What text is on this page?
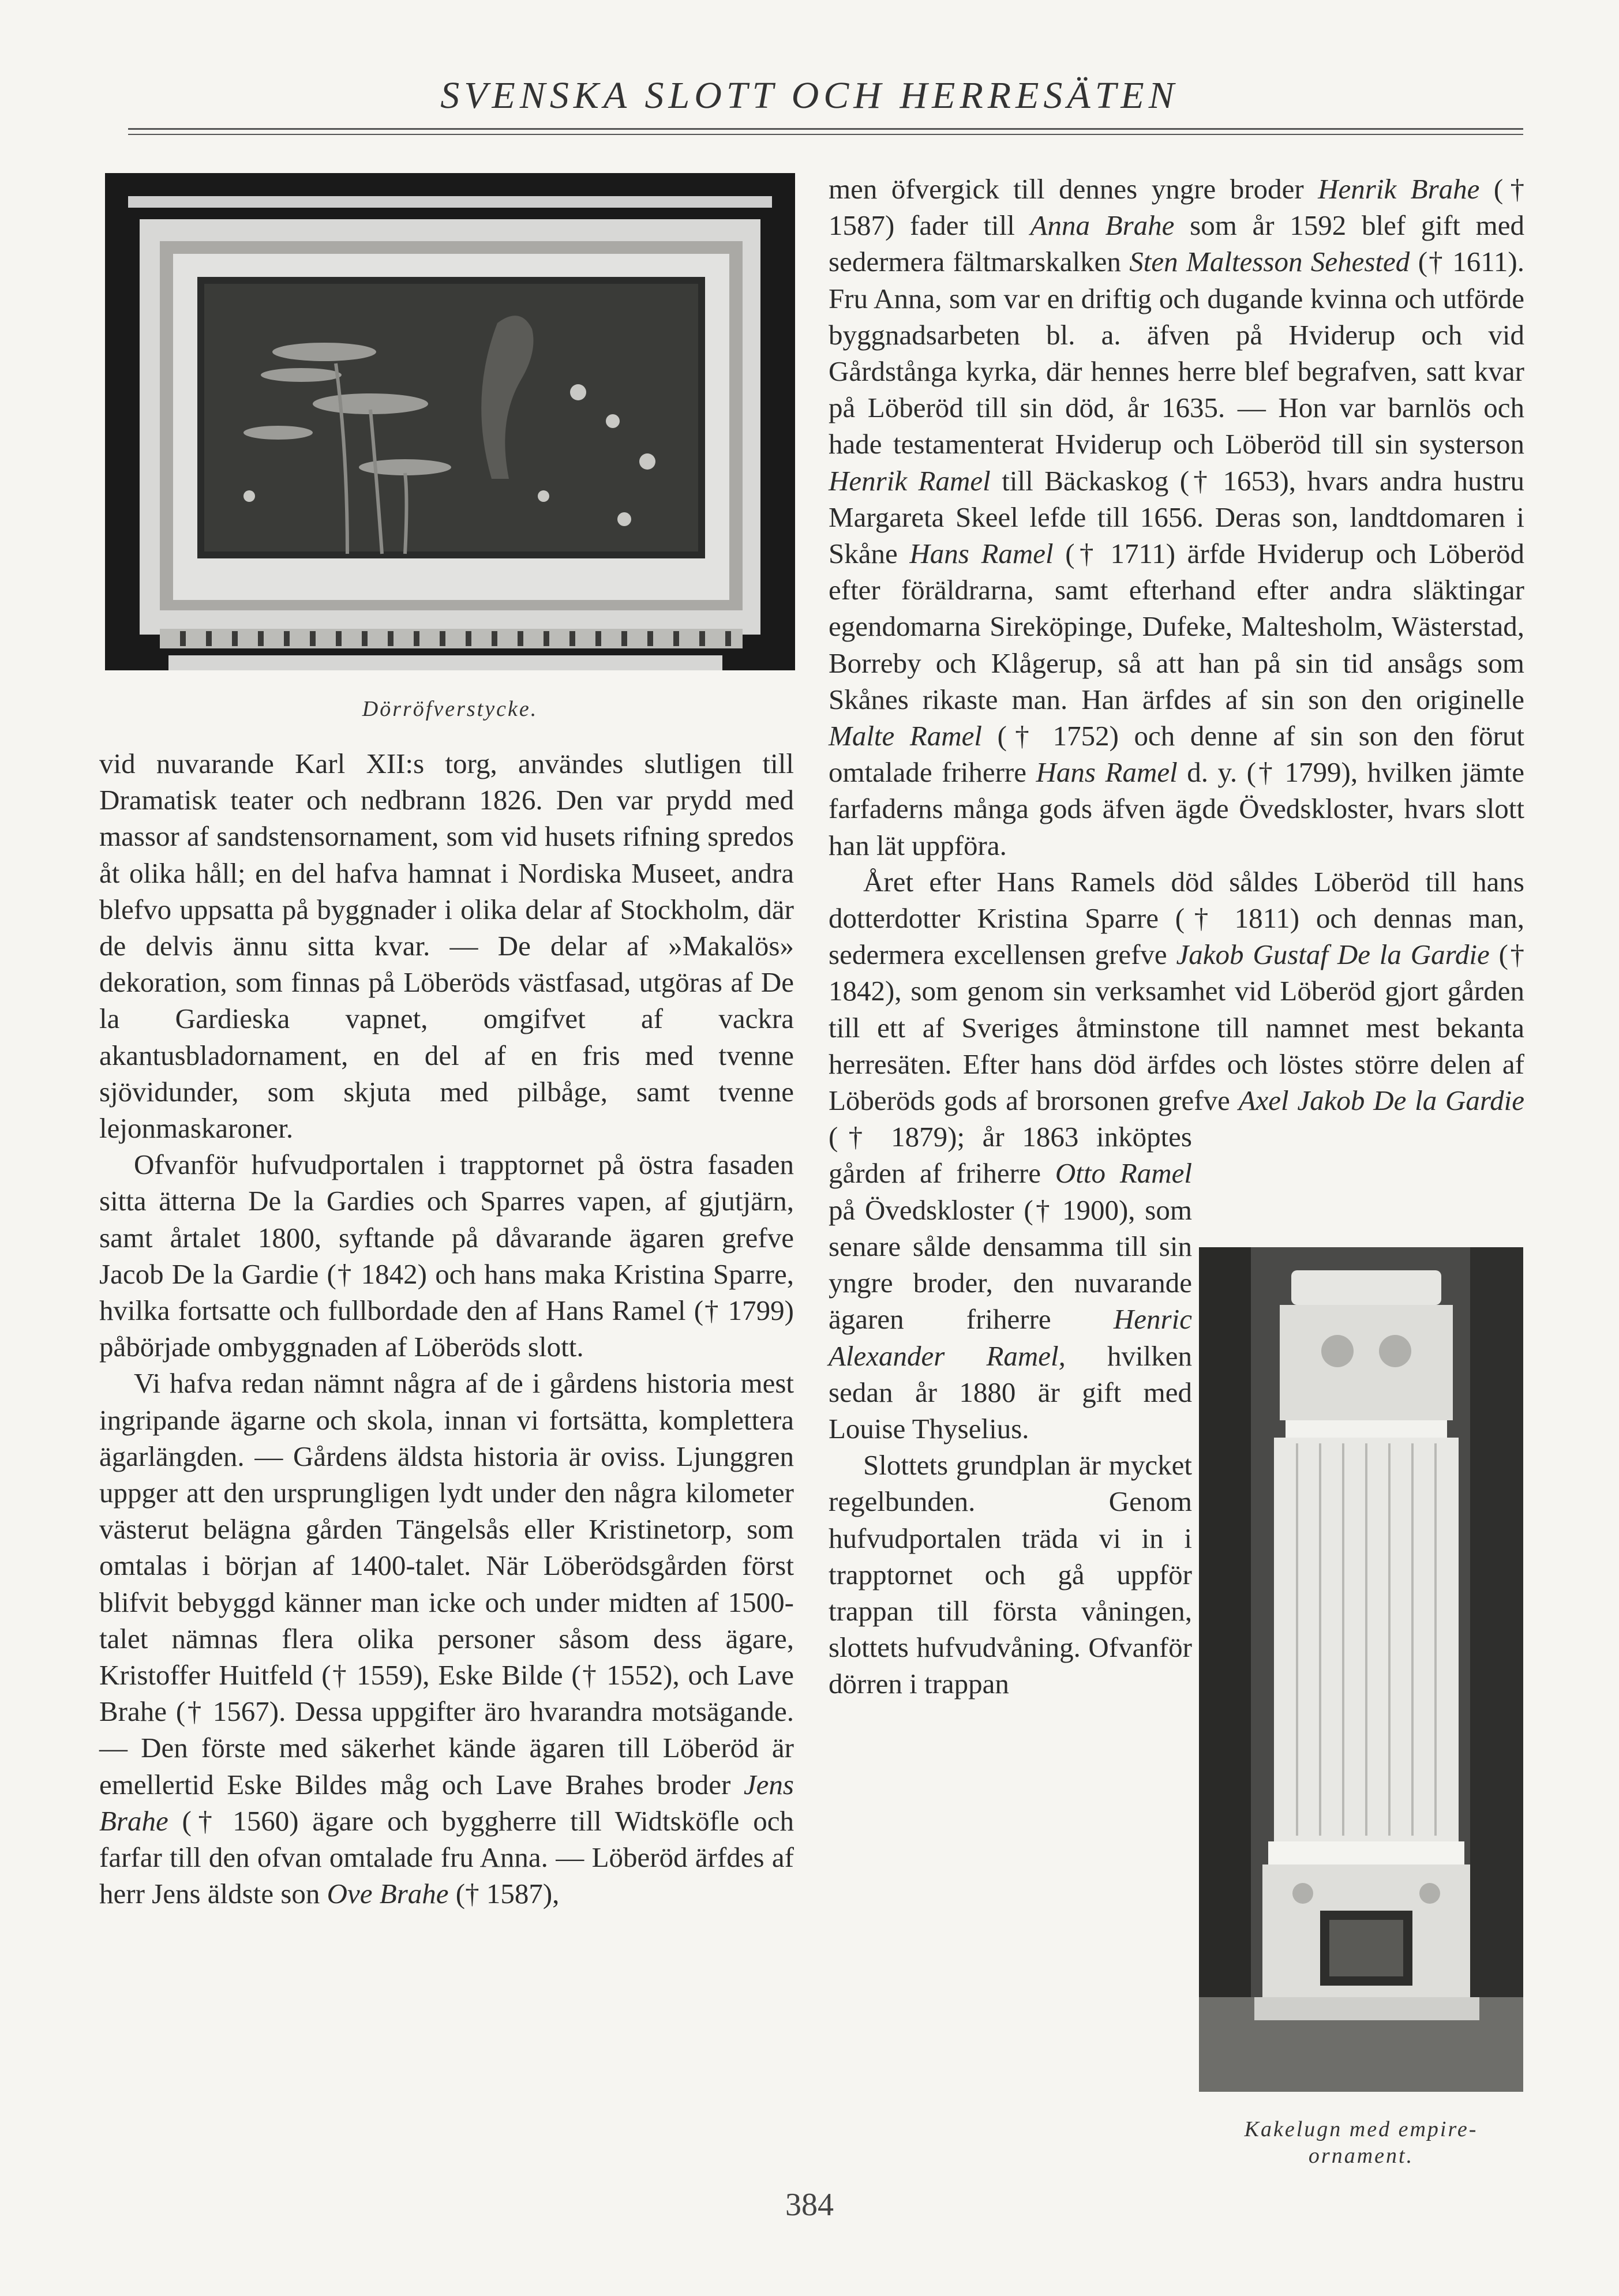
SVENSKA SLOTT OCH HERRESÄTEN
Dörröfverstycke.

vid nuvarande Karl XII:s torg, användes slutligen till Dramatisk teater och nedbrann 1826. Den var prydd med massor af sandstensornament, som vid husets rifning spredos åt olika håll; en del hafva hamnat i Nordiska Museet, andra blefvo uppsatta på byggnader i olika delar af Stockholm, där de delvis ännu sitta kvar. — De delar af »Makalös» dekoration, som finnas på Löberöds västfasad, utgöras af De la Gardieska vapnet, omgifvet af vackra akantusbladornament, en del af en fris med tvenne sjövidunder, som skjuta med pilbåge, samt tvenne lejonmaskaroner.

Ofvanför hufvudportalen i trapptornet på östra fasaden sitta ätterna De la Gardies och Sparres vapen, af gjutjärn, samt årtalet 1800, syftande på dåvarande ägaren grefve Jacob De la Gardie († 1842) och hans maka Kristina Sparre, hvilka fortsatte och fullbordade den af Hans Ramel († 1799) påbörjade ombyggnaden af Löberöds slott.

Vi hafva redan nämnt några af de i gårdens historia mest ingripande ägarne och skola, innan vi fortsätta, komplettera ägarlängden. — Gårdens äldsta historia är oviss. Ljunggren uppger att den ursprungligen lydt under den några kilometer västerut belägna gården Tängelsås eller Kristinetorp, som omtalas i början af 1400-talet. När Löberödsgården först blifvit bebyggd känner man icke och under midten af 1500-talet nämnas flera olika personer såsom dess ägare, Kristoffer Huitfeld († 1559), Eske Bilde († 1552), och Lave Brahe († 1567). Dessa uppgifter äro hvarandra motsägande. — Den förste med säkerhet kände ägaren till Löberöd är emellertid Eske Bildes måg och Lave Brahes broder Jens Brahe († 1560) ägare och byggherre till Widtsköfle och farfar till den ofvan omtalade fru Anna. — Löberöd ärfdes af herr Jens äldste son Ove Brahe († 1587),

men öfvergick till dennes yngre broder Henrik Brahe († 1587) fader till Anna Brahe som år 1592 blef gift med sedermera fältmarskalken Sten Maltesson Sehested († 1611). Fru Anna, som var en driftig och dugande kvinna och utförde byggnadsarbeten bl. a. äfven på Hviderup och vid Gårdstånga kyrka, där hennes herre blef begrafven, satt kvar på Löberöd till sin död, år 1635. — Hon var barnlös och hade testamenterat Hviderup och Löberöd till sin systerson Henrik Ramel till Bäckaskog († 1653), hvars andra hustru Margareta Skeel lefde till 1656. Deras son, landtdomaren i Skåne Hans Ramel († 1711) ärfde Hviderup och Löberöd efter föräldrarna, samt efterhand efter andra släktingar egendomarna Sireköpinge, Dufeke, Maltesholm, Wästerstad, Borreby och Klågerup, så att han på sin tid ansågs som Skånes rikaste man. Han ärfdes af sin son den originelle Malte Ramel († 1752) och denne af sin son den förut omtalade friherre Hans Ramel d. y. († 1799), hvilken jämte farfaderns många gods äfven ägde Övedskloster, hvars slott han lät uppföra.

Året efter Hans Ramels död såldes Löberöd till hans dotterdotter Kristina Sparre († 1811) och dennas man, sedermera excellensen grefve Jakob Gustaf De la Gardie († 1842), som genom sin verksamhet vid Löberöd gjort gården till ett af Sveriges åtminstone till namnet mest bekanta herresäten. Efter hans död ärfdes och löstes större delen af Löberöds gods af brorsonen grefve
Axel Jakob De la Gardie († 1879); år 1863 inköptes gården af friherre Otto Ramel på Övedskloster († 1900), som senare sålde densamma till sin yngre broder, den nuvarande ägaren friherre Henric Alexander Ramel, hvilken sedan år 1880 är gift med Louise Thyselius.

Slottets grundplan är mycket regelbunden. Genom hufvudportalen träda vi in i trapptornet och gå uppför trappan till första våningen, slottets hufvudvåning. Ofvanför dörren i trappan

Kakelugn med empire-
ornament.
384
